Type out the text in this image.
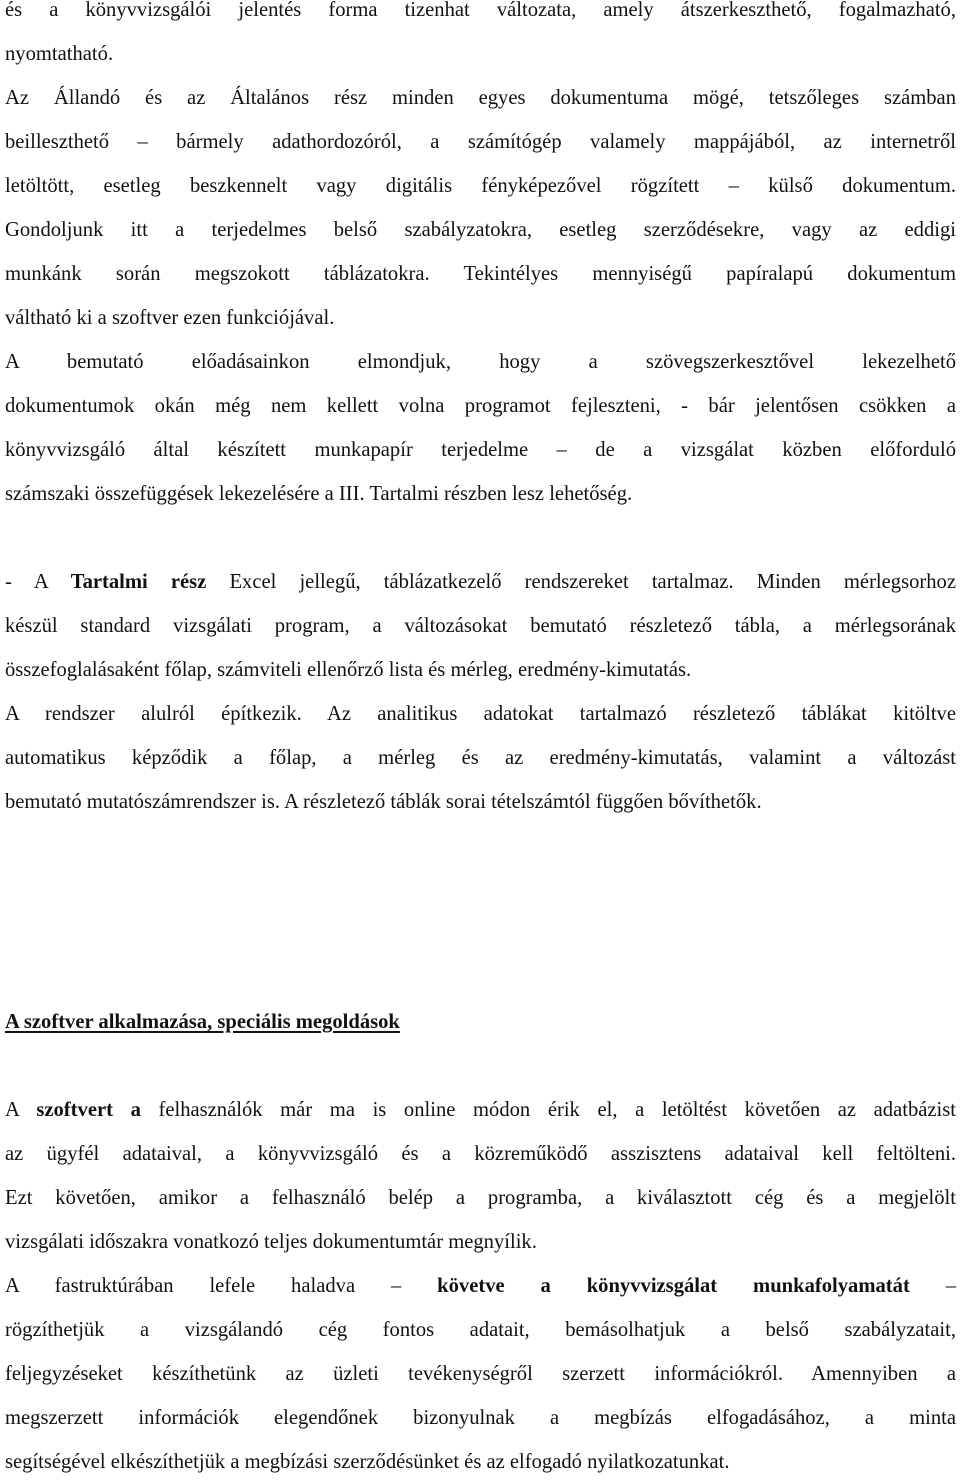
és a könyvvizsgálói jelentés forma tizenhat változata, amely átszerkeszthető, fogalmazható,
nyomtatható.
Az Állandó és az Általános rész minden egyes dokumentuma mögé, tetszőleges számban
beilleszthető – bármely adathordozóról, a számítógép valamely mappájából, az internetről
letöltött, esetleg beszkennelt vagy digitális fényképezővel rögzített – külső dokumentum.
Gondoljunk itt a terjedelmes belső szabályzatokra, esetleg szerződésekre, vagy az eddigi
munkánk során megszokott táblázatokra. Tekintélyes mennyiségű papíralapú dokumentum
váltható ki a szoftver ezen funkciójával.
A bemutató előadásainkon elmondjuk, hogy a szövegszerkesztővel lekezelhető
dokumentumok okán még nem kellett volna programot fejleszteni, - bár jelentősen csökken a
könyvvizsgáló által készített munkapapír terjedelme – de a vizsgálat közben előforduló
számszaki összefüggések lekezelésére a III. Tartalmi részben lesz lehetőség.
- A Tartalmi rész Excel jellegű, táblázatkezelő rendszereket tartalmaz. Minden mérlegsorhoz
készül standard vizsgálati program, a változásokat bemutató részletező tábla, a mérlegsorának
összefoglalásaként főlap, számviteli ellenőrző lista és mérleg, eredmény-kimutatás.
A rendszer alulról építkezik. Az analitikus adatokat tartalmazó részletező táblákat kitöltve
automatikus képződik a főlap, a mérleg és az eredmény-kimutatás, valamint a változást
bemutató mutatószámrendszer is. A részletező táblák sorai tételszámtól függően bővíthetők.

A szoftver alkalmazása, speciális megoldások

A szoftvert a felhasználók már ma is online módon érik el, a letöltést követően az adatbázist
az ügyfél adataival, a könyvvizsgáló és a közreműködő asszisztens adataival kell feltölteni.
Ezt követően, amikor a felhasználó belép a programba, a kiválasztott cég és a megjelölt
vizsgálati időszakra vonatkozó teljes dokumentumtár megnyílik.
A fastruktúrában lefele haladva – követve a könyvvizsgálat munkafolyamatát –
rögzíthetjük a vizsgálandó cég fontos adatait, bemásolhatjuk a belső szabályzatait,
feljegyzéseket készíthetünk az üzleti tevékenységről szerzett információkról. Amennyiben a
megszerzett információk elegendőnek bizonyulnak a megbízás elfogadásához, a minta
segítségével elkészíthetjük a megbízási szerződésünket és az elfogadó nyilatkozatunkat.
